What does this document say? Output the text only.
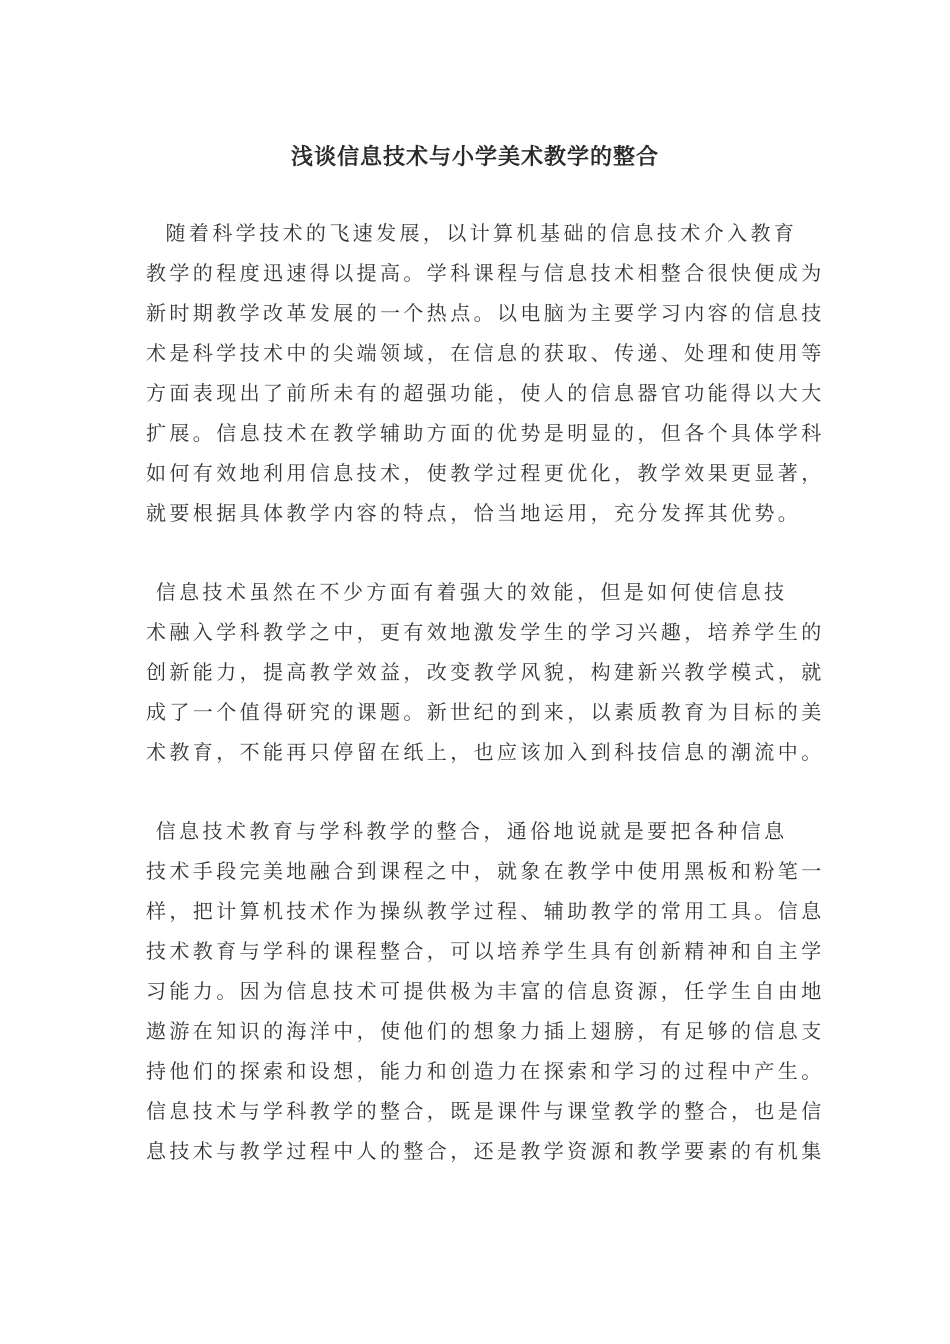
浅谈信息技术与小学美术教学的整合
随着科学技术的飞速发展，以计算机基础的信息技术介入教育
教学的程度迅速得以提高。学科课程与信息技术相整合很快便成为
新时期教学改革发展的一个热点。以电脑为主要学习内容的信息技
术是科学技术中的尖端领域，在信息的获取、传递、处理和使用等
方面表现出了前所未有的超强功能，使人的信息器官功能得以大大
扩展。信息技术在教学辅助方面的优势是明显的，但各个具体学科
如何有效地利用信息技术，使教学过程更优化，教学效果更显著，
就要根据具体教学内容的特点，恰当地运用，充分发挥其优势。
信息技术虽然在不少方面有着强大的效能，但是如何使信息技
术融入学科教学之中，更有效地激发学生的学习兴趣，培养学生的
创新能力，提高教学效益，改变教学风貌，构建新兴教学模式，就
成了一个值得研究的课题。新世纪的到来，以素质教育为目标的美
术教育，不能再只停留在纸上，也应该加入到科技信息的潮流中。
信息技术教育与学科教学的整合，通俗地说就是要把各种信息
技术手段完美地融合到课程之中，就象在教学中使用黑板和粉笔一
样，把计算机技术作为操纵教学过程、辅助教学的常用工具。信息
技术教育与学科的课程整合，可以培养学生具有创新精神和自主学
习能力。因为信息技术可提供极为丰富的信息资源，任学生自由地
遨游在知识的海洋中，使他们的想象力插上翅膀，有足够的信息支
持他们的探索和设想，能力和创造力在探索和学习的过程中产生。
信息技术与学科教学的整合，既是课件与课堂教学的整合，也是信
息技术与教学过程中人的整合，还是教学资源和教学要素的有机集
